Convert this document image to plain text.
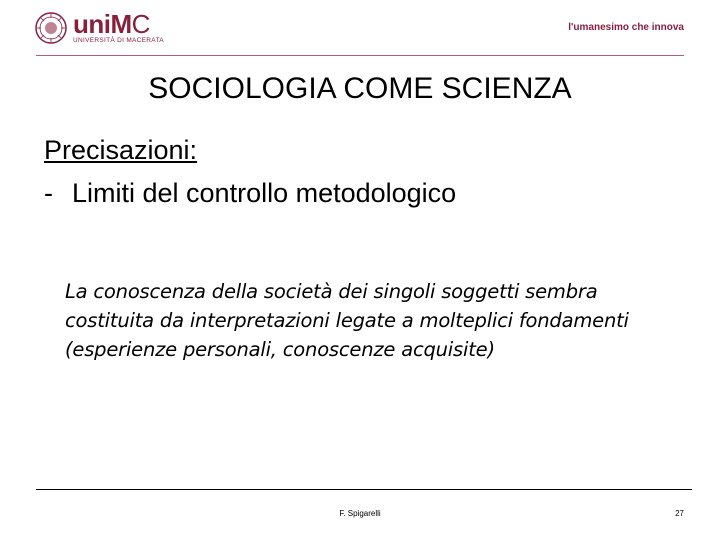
uniMC
UNIVERSITÀ DI MACERATA
l'umanesimo che innova
SOCIOLOGIA COME SCIENZA
Precisazioni:
- Limiti del controllo metodologico
La conoscenza della società dei singoli soggetti sembra costituita da interpretazioni legate a molteplici fondamenti (esperienze personali, conoscenze acquisite)
F. Spigarelli	27
